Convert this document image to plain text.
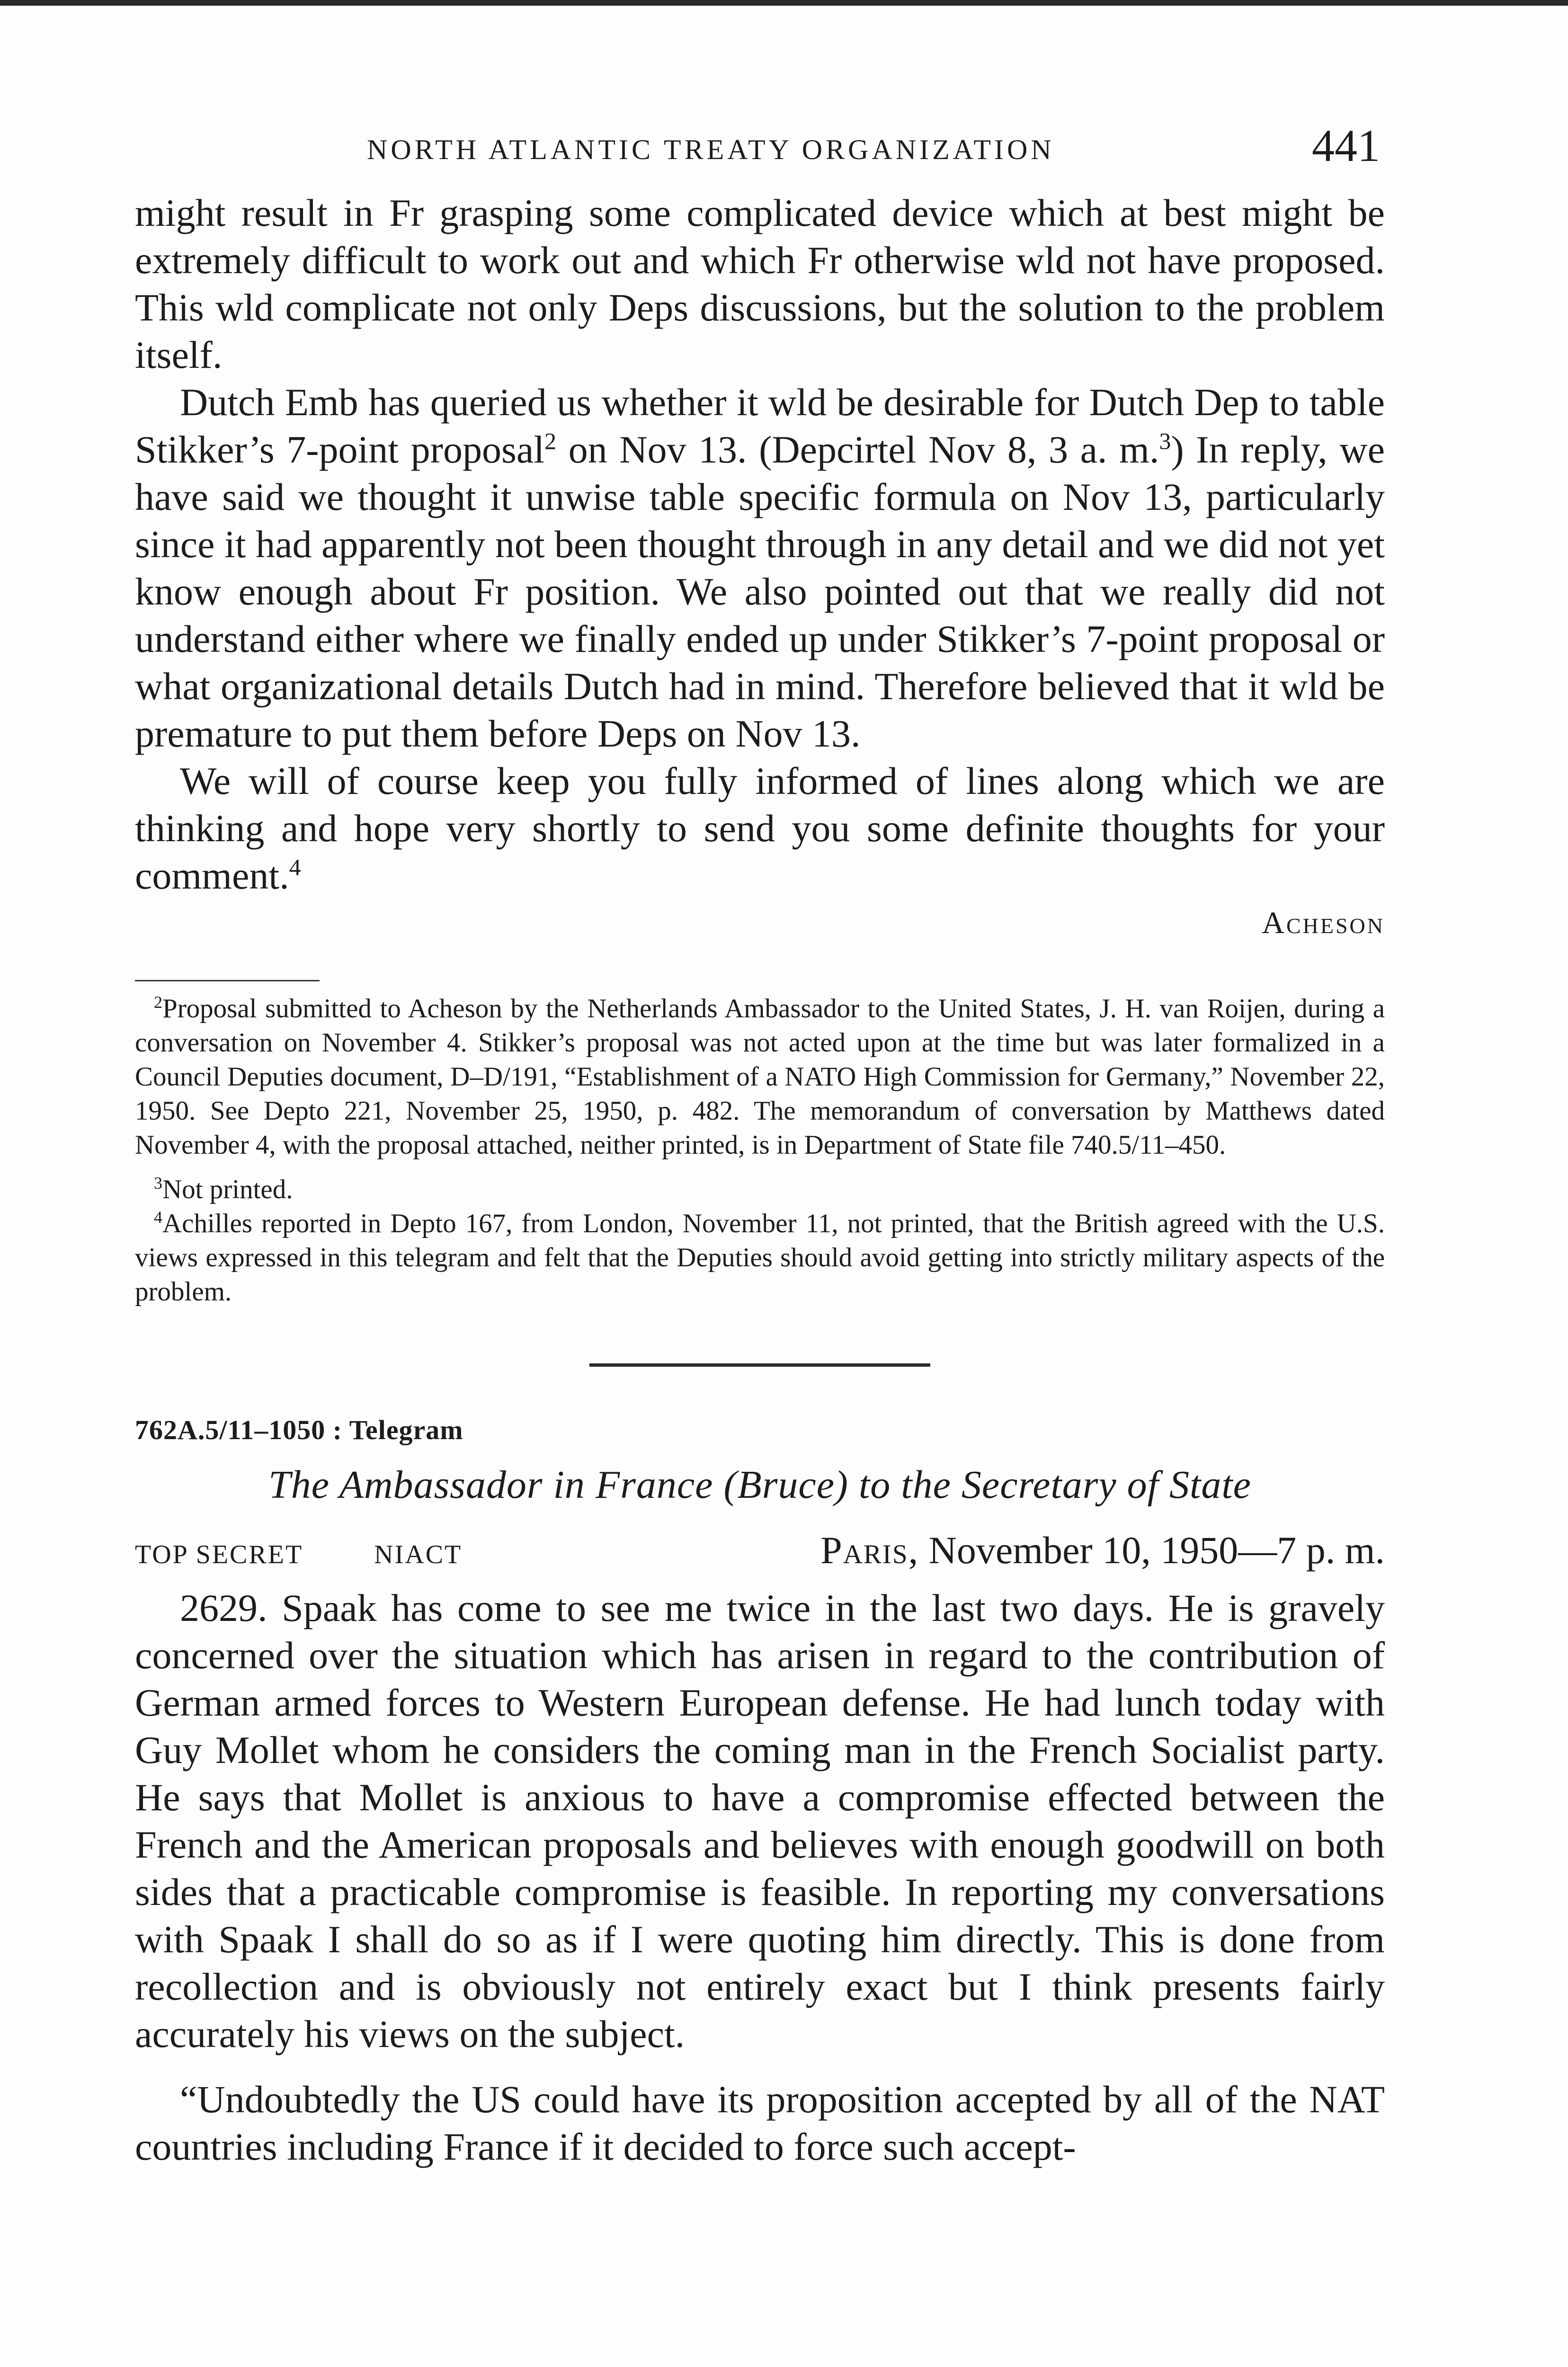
NORTH ATLANTIC TREATY ORGANIZATION	441

might result in Fr grasping some complicated device which at best might be extremely difficult to work out and which Fr otherwise wld not have proposed. This wld complicate not only Deps discussions, but the solution to the problem itself.

Dutch Emb has queried us whether it wld be desirable for Dutch Dep to table Stikker’s 7-point proposal$^2$ on Nov 13. (Depcirtel Nov 8, 3 a. m.$^3$) In reply, we have said we thought it unwise table specific formula on Nov 13, particularly since it had apparently not been thought through in any detail and we did not yet know enough about Fr position. We also pointed out that we really did not understand either where we finally ended up under Stikker’s 7-point proposal or what organizational details Dutch had in mind. Therefore believed that it wld be premature to put them before Deps on Nov 13.

We will of course keep you fully informed of lines along which we are thinking and hope very shortly to send you some definite thoughts for your comment.$^4$

Acheson

$^2$Proposal submitted to Acheson by the Netherlands Ambassador to the United States, J. H. van Roijen, during a conversation on November 4. Stikker’s proposal was not acted upon at the time but was later formalized in a Council Deputies document, D–D/191, “Establishment of a NATO High Commission for Germany,” November 22, 1950. See Depto 221, November 25, 1950, p. 482. The memorandum of conversation by Matthews dated November 4, with the proposal attached, neither printed, is in Department of State file 740.5/11–450.

$^3$Not printed.

$^4$Achilles reported in Depto 167, from London, November 11, not printed, that the British agreed with the U.S. views expressed in this telegram and felt that the Deputies should avoid getting into strictly military aspects of the problem.

762A.5/11–1050 : Telegram
The Ambassador in France (Bruce) to the Secretary of State
TOP SECRET	NIACT	Paris, November 10, 1950—7 p. m.

2629. Spaak has come to see me twice in the last two days. He is gravely concerned over the situation which has arisen in regard to the contribution of German armed forces to Western European defense. He had lunch today with Guy Mollet whom he considers the coming man in the French Socialist party. He says that Mollet is anxious to have a compromise effected between the French and the American proposals and believes with enough goodwill on both sides that a practicable compromise is feasible. In reporting my conversations with Spaak I shall do so as if I were quoting him directly. This is done from recollection and is obviously not entirely exact but I think presents fairly accurately his views on the subject.

“Undoubtedly the US could have its proposition accepted by all of the NAT countries including France if it decided to force such accept-
